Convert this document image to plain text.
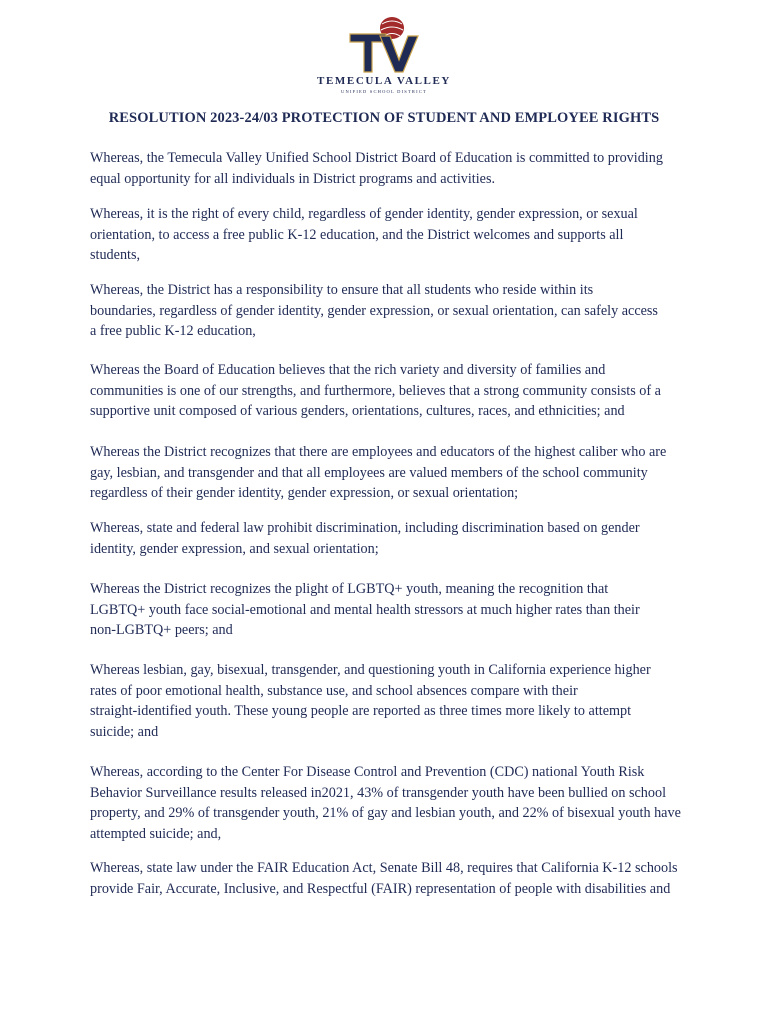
TEMECULA VALLEY
UNIFIED SCHOOL DISTRICT
RESOLUTION 2023-24/03 PROTECTION OF STUDENT AND EMPLOYEE RIGHTS
Whereas, the Temecula Valley Unified School District Board of Education is committed to providing
equal opportunity for all individuals in District programs and activities.
Whereas, it is the right of every child, regardless of gender identity, gender expression, or sexual
orientation, to access a free public K-12 education, and the District welcomes and supports all
students,
Whereas, the District has a responsibility to ensure that all students who reside within its
boundaries, regardless of gender identity, gender expression, or sexual orientation, can safely access
a free public K-12 education,
Whereas the Board of Education believes that the rich variety and diversity of families and
communities is one of our strengths, and furthermore, believes that a strong community consists of a
supportive unit composed of various genders, orientations, cultures, races, and ethnicities; and
Whereas the District recognizes that there are employees and educators of the highest caliber who are
gay, lesbian, and transgender and that all employees are valued members of the school community
regardless of their gender identity, gender expression, or sexual orientation;
Whereas, state and federal law prohibit discrimination, including discrimination based on gender
identity, gender expression, and sexual orientation;
Whereas the District recognizes the plight of LGBTQ+ youth, meaning the recognition that
LGBTQ+ youth face social-emotional and mental health stressors at much higher rates than their
non-LGBTQ+ peers; and
Whereas lesbian, gay, bisexual, transgender, and questioning youth in California experience higher
rates of poor emotional health, substance use, and school absences compare with their
straight-identified youth. These young people are reported as three times more likely to attempt
suicide; and
Whereas, according to the Center For Disease Control and Prevention (CDC) national Youth Risk
Behavior Surveillance results released in2021, 43% of transgender youth have been bullied on school
property, and 29% of transgender youth, 21% of gay and lesbian youth, and 22% of bisexual youth have
attempted suicide; and,
Whereas, state law under the FAIR Education Act, Senate Bill 48, requires that California K-12 schools
provide Fair, Accurate, Inclusive, and Respectful (FAIR) representation of people with disabilities and
